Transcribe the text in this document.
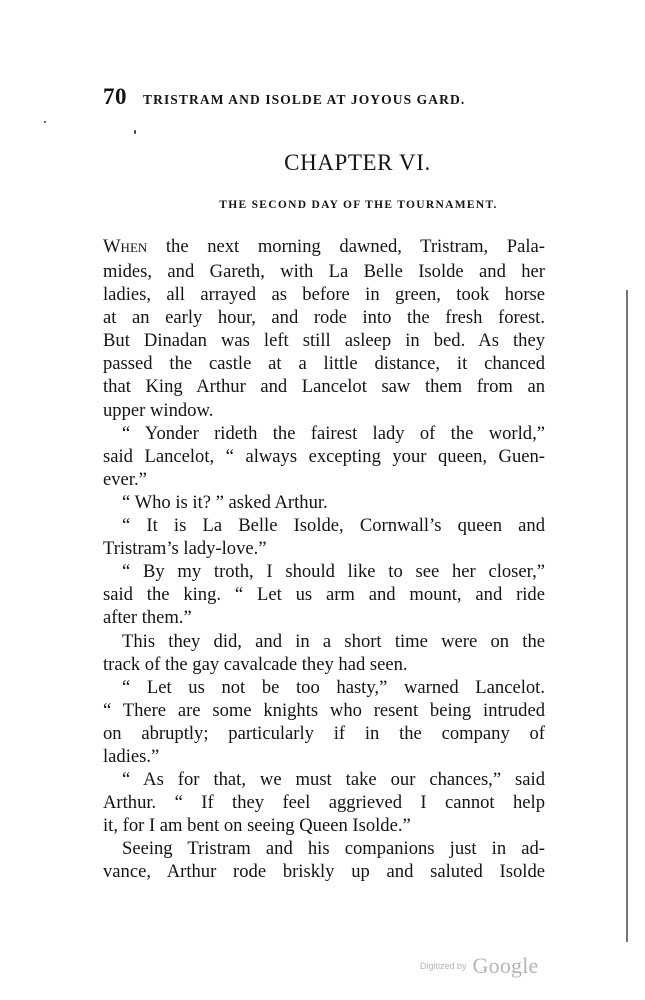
70 TRISTRAM AND ISOLDE AT JOYOUS GARD.
CHAPTER VI.
THE SECOND DAY OF THE TOURNAMENT.
When the next morning dawned, Tristram, Pala-
mides, and Gareth, with La Belle Isolde and her
ladies, all arrayed as before in green, took horse
at an early hour, and rode into the fresh forest.
But Dinadan was left still asleep in bed. As they
passed the castle at a little distance, it chanced
that King Arthur and Lancelot saw them from an
upper window.
“ Yonder rideth the fairest lady of the world,”
said Lancelot, “ always excepting your queen, Guen-
ever.”
“ Who is it? ” asked Arthur.
“ It is La Belle Isolde, Cornwall’s queen and
Tristram’s lady-love.”
“ By my troth, I should like to see her closer,”
said the king. “ Let us arm and mount, and ride
after them.”
This they did, and in a short time were on the
track of the gay cavalcade they had seen.
“ Let us not be too hasty,” warned Lancelot.
“ There are some knights who resent being intruded
on abruptly; particularly if in the company of
ladies.”
“ As for that, we must take our chances,” said
Arthur. “ If they feel aggrieved I cannot help
it, for I am bent on seeing Queen Isolde.”
Seeing Tristram and his companions just in ad-
vance, Arthur rode briskly up and saluted Isolde
Digitized by Google
